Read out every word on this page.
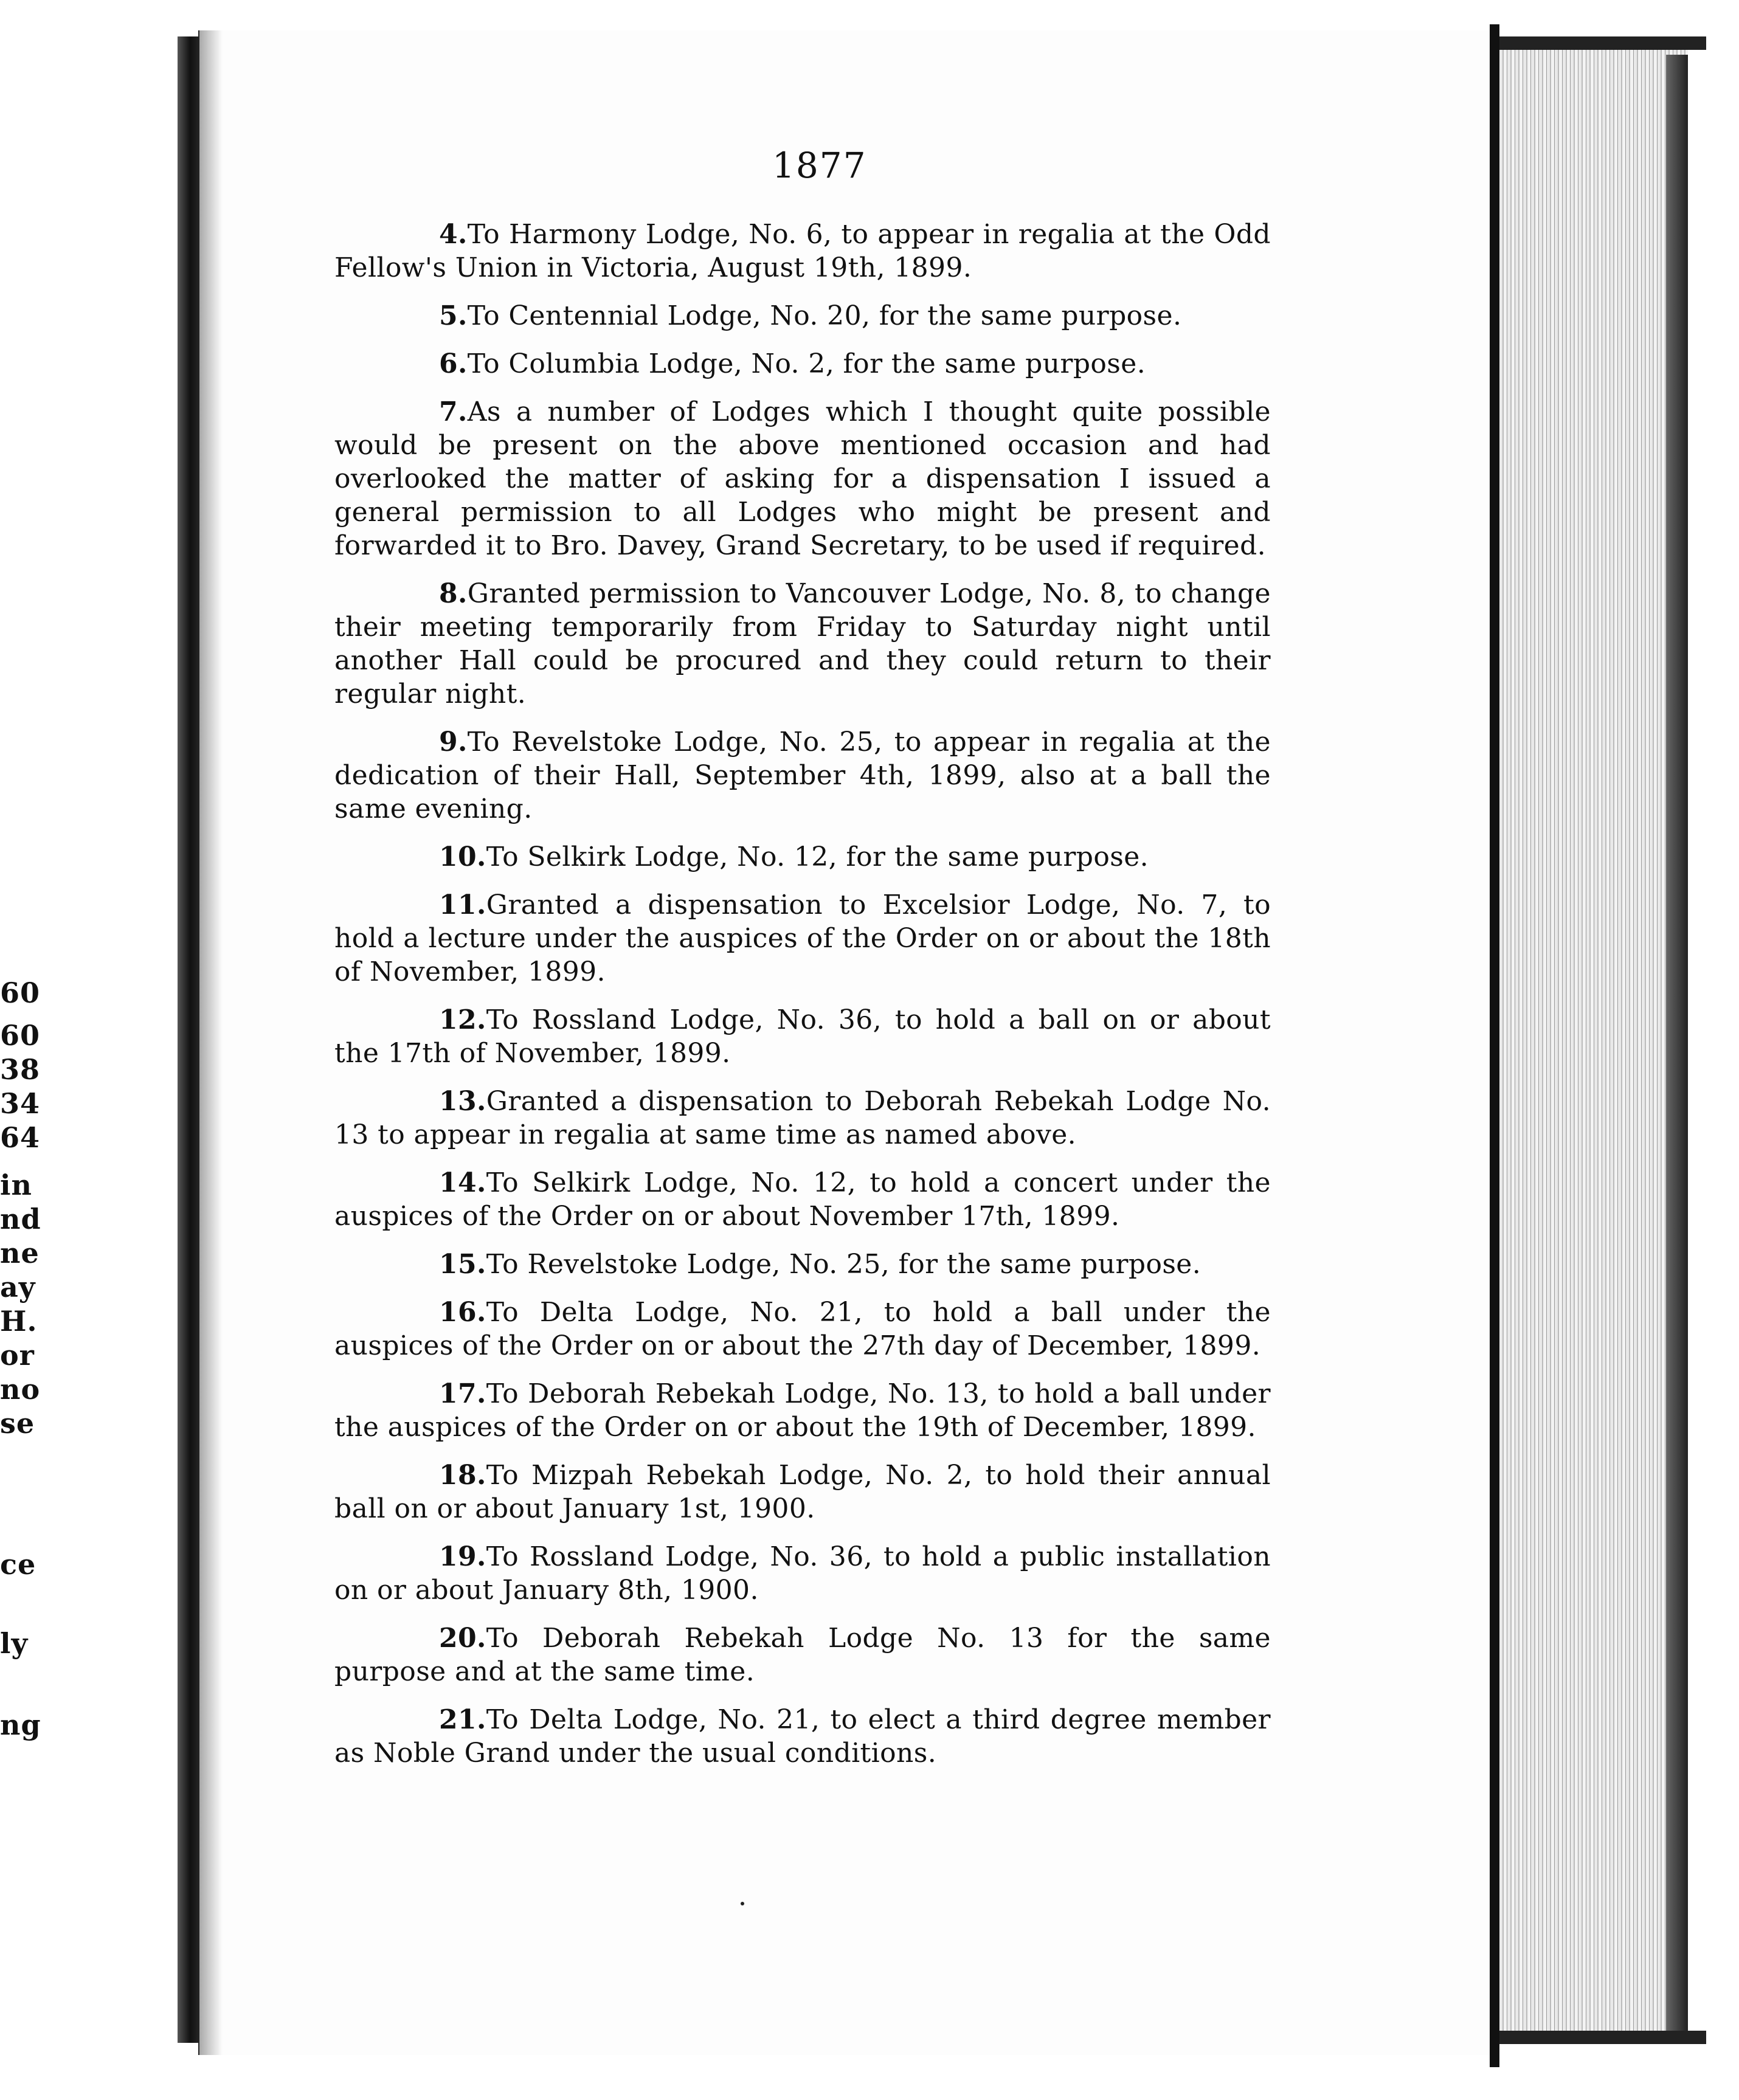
60
60
38
34
64
in
nd
ne
ay
H.
or
no
se
ce
ly
ng
1877

4.To Harmony Lodge, No. 6, to appear in regalia at the Odd Fellow's Union in Victoria, August 19th, 1899.

5.To Centennial Lodge, No. 20, for the same purpose.

6.To Columbia Lodge, No. 2, for the same purpose.

7.As a number of Lodges which I thought quite possible would be present on the above mentioned occasion and had overlooked the matter of asking for a dispensation I issued a general permission to all Lodges who might be present and forwarded it to Bro. Davey, Grand Secretary, to be used if required.

8.Granted permission to Vancouver Lodge, No. 8, to change their meeting temporarily from Friday to Saturday night until another Hall could be procured and they could return to their regular night.

9.To Revelstoke Lodge, No. 25, to appear in regalia at the dedication of their Hall, September 4th, 1899, also at a ball the same evening.

10.To Selkirk Lodge, No. 12, for the same purpose.

11.Granted a dispensation to Excelsior Lodge, No. 7, to hold a lecture under the auspices of the Order on or about the 18th of November, 1899.

12.To Rossland Lodge, No. 36, to hold a ball on or about the 17th of November, 1899.

13.Granted a dispensation to Deborah Rebekah Lodge No. 13 to appear in regalia at same time as named above.

14.To Selkirk Lodge, No. 12, to hold a concert under the auspices of the Order on or about November 17th, 1899.

15.To Revelstoke Lodge, No. 25, for the same purpose.

16.To Delta Lodge, No. 21, to hold a ball under the auspices of the Order on or about the 27th day of December, 1899.

17.To Deborah Rebekah Lodge, No. 13, to hold a ball under the auspices of the Order on or about the 19th of December, 1899.

18.To Mizpah Rebekah Lodge, No. 2, to hold their annual ball on or about January 1st, 1900.

19.To Rossland Lodge, No. 36, to hold a public installation on or about January 8th, 1900.

20.To Deborah Rebekah Lodge No. 13 for the same purpose and at the same time.

21.To Delta Lodge, No. 21, to elect a third degree member as Noble Grand under the usual conditions.
